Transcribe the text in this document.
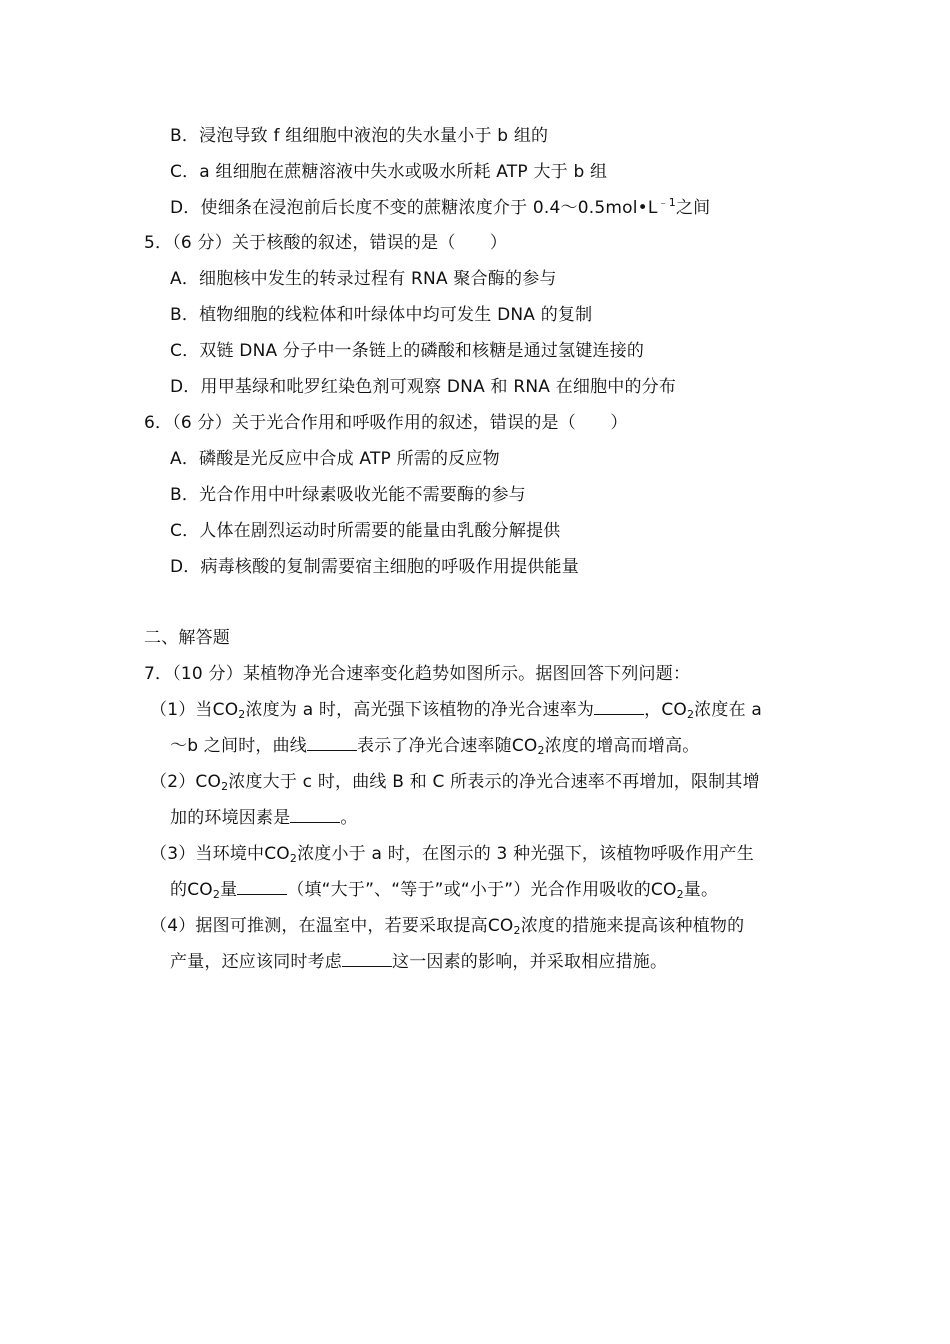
B．浸泡导致 f 组细胞中液泡的失水量小于 b 组的
C．a 组细胞在蔗糖溶液中失水或吸水所耗 ATP 大于 b 组
D．使细条在浸泡前后长度不变的蔗糖浓度介于 $0.4\sim 0.5mol•L^{﹣1}$之间
5．（6 分）关于核酸的叙述，错误的是（　　）
A．细胞核中发生的转录过程有 RNA 聚合酶的参与
B．植物细胞的线粒体和叶绿体中均可发生 DNA 的复制
C．双链 DNA 分子中一条链上的磷酸和核糖是通过氢键连接的
D．用甲基绿和吡罗红染色剂可观察 DNA 和 RNA 在细胞中的分布
6．（6 分）关于光合作用和呼吸作用的叙述，错误的是（　　）
A．磷酸是光反应中合成 ATP 所需的反应物
B．光合作用中叶绿素吸收光能不需要酶的参与
C．人体在剧烈运动时所需要的能量由乳酸分解提供
D．病毒核酸的复制需要宿主细胞的呼吸作用提供能量
二、解答题
7．（10 分）某植物净光合速率变化趋势如图所示。据图回答下列问题：
（1）当$CO_2$浓度为 a 时，高光强下该植物的净光合速率为	，$CO_2$浓度在 a
～b 之间时，曲线	表示了净光合速率随$CO_2$浓度的增高而增高。
$(2)CO_2$浓度大于 c 时，曲线 B 和 C 所表示的净光合速率不再增加，限制其增
加的环境因素是	。
（3）当环境中$CO_2$浓度小于 a 时，在图示的 3 种光强下，该植物呼吸作用产生
的$CO_2$量	（填“大于”、“等于”或“小于”）光合作用吸收的$CO_2$量。
（4）据图可推测，在温室中，若要采取提高$CO_2$浓度的措施来提高该种植物的
产量，还应该同时考虑	这一因素的影响，并采取相应措施。
